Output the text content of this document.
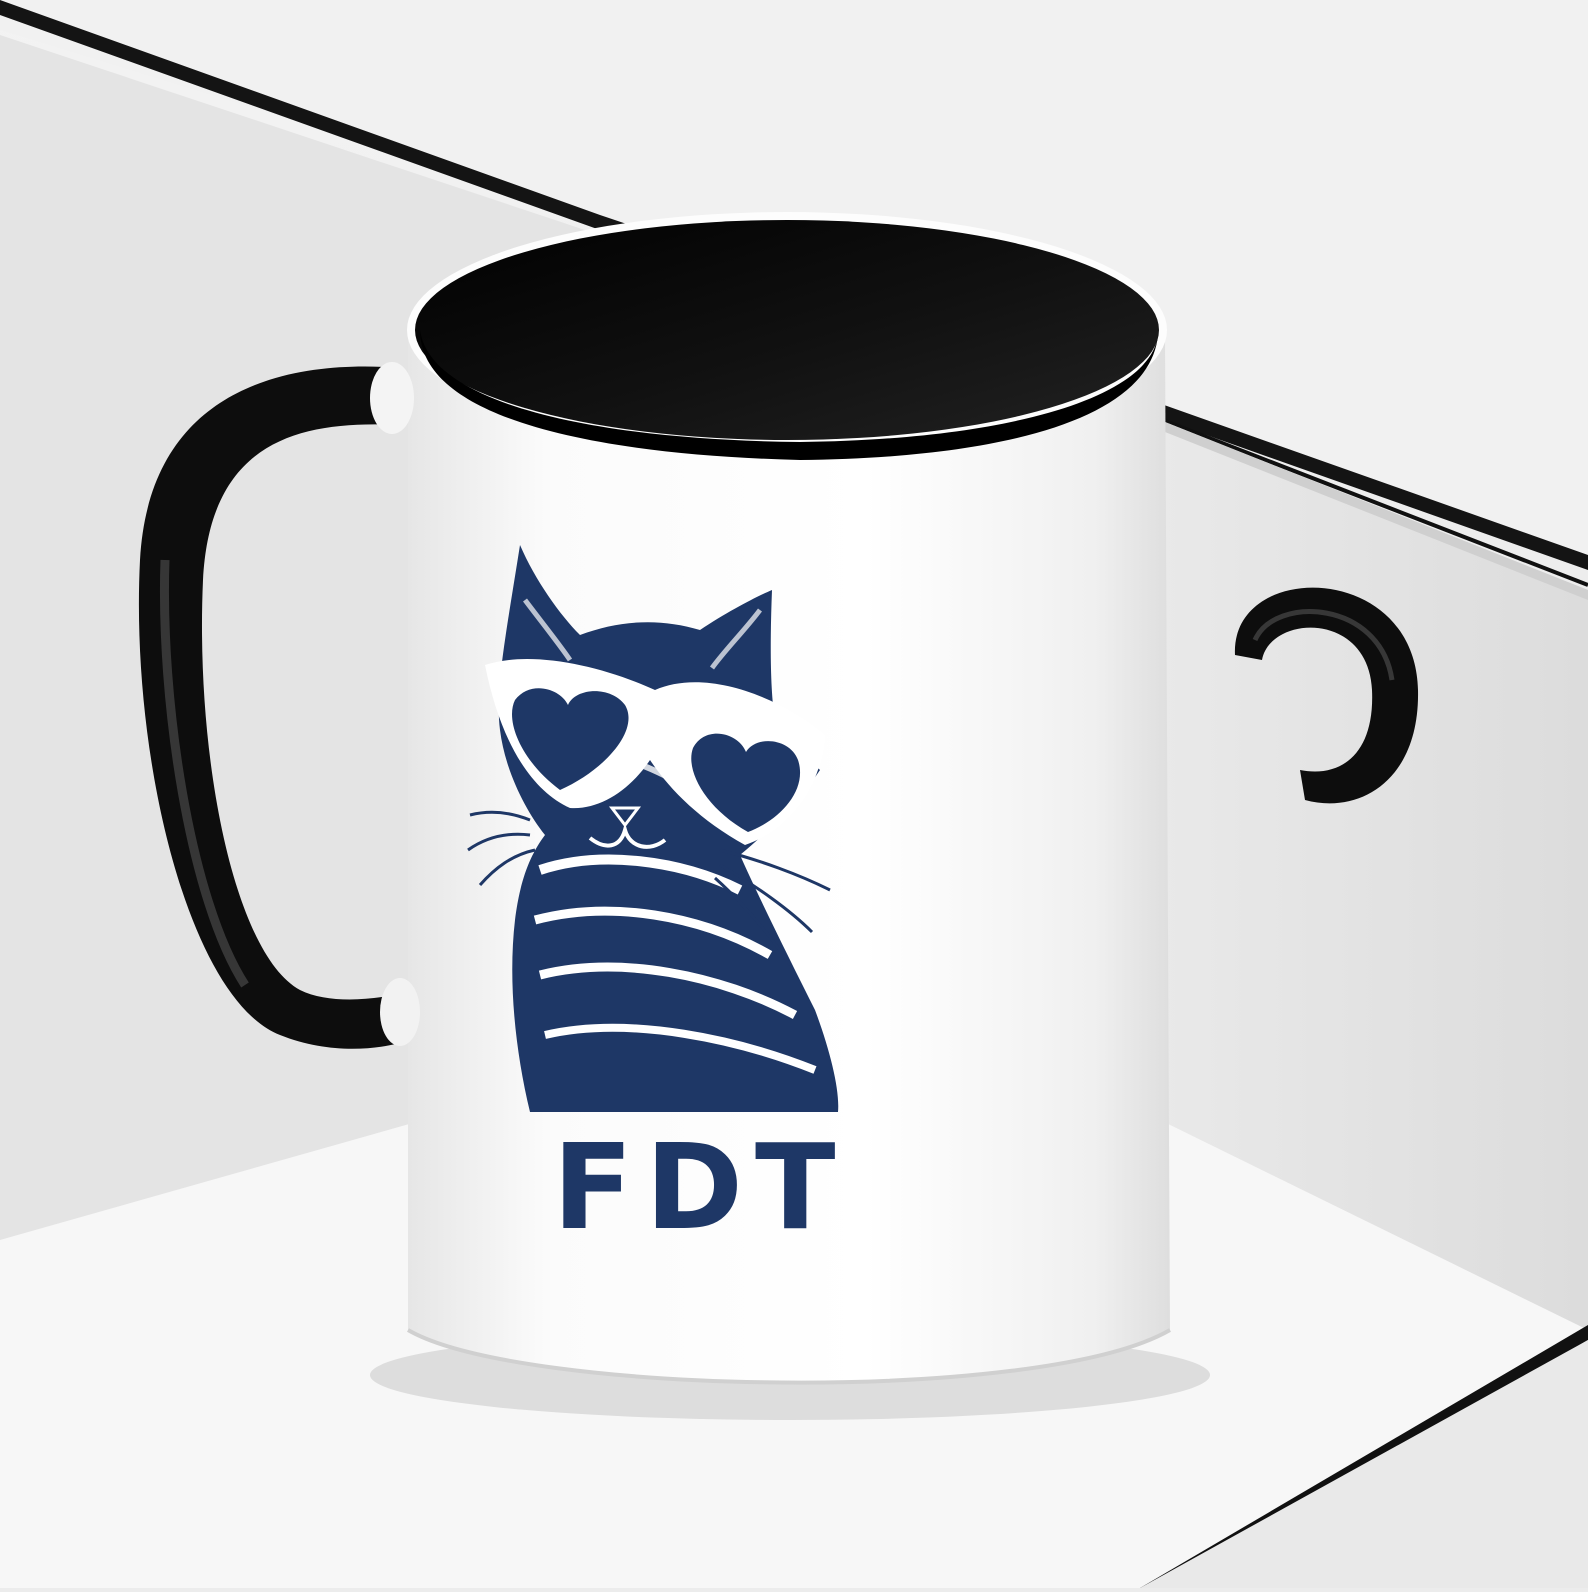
FDT
